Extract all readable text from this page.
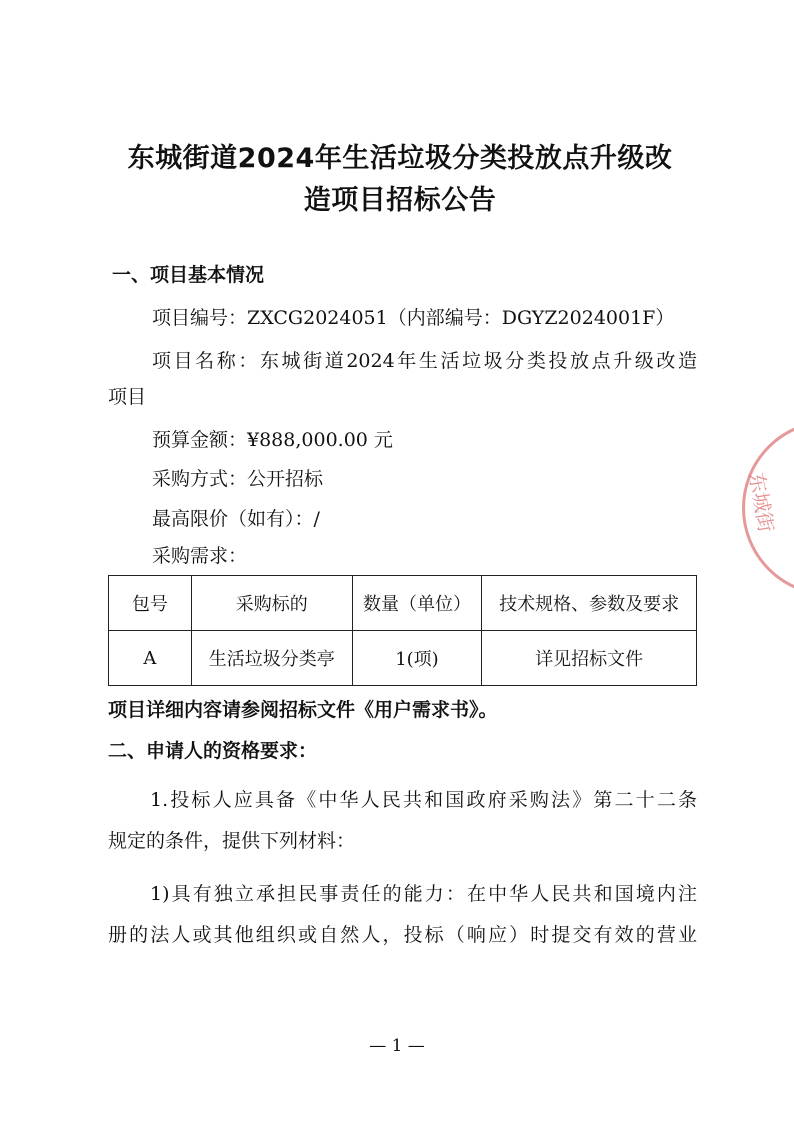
东城街道2024年生活垃圾分类投放点升级改
造项目招标公告
一、项目基本情况
项目编号：ZXCG2024051（内部编号：DGYZ2024001F）
项目名称：东城街道2024年生活垃圾分类投放点升级改造
项目
预算金额：¥888,000.00 元
采购方式：公开招标
最高限价（如有）：/
采购需求：
包号	采购标的	数量（单位）	技术规格、参数及要求
A	生活垃圾分类亭	1(项)	详见招标文件
项目详细内容请参阅招标文件《用户需求书》。
二、申请人的资格要求：
1.投标人应具备《中华人民共和国政府采购法》第二十二条
规定的条件，提供下列材料：
1)具有独立承担民事责任的能力：在中华人民共和国境内注
册的法人或其他组织或自然人，投标（响应）时提交有效的营业
— 1 —
东城街
